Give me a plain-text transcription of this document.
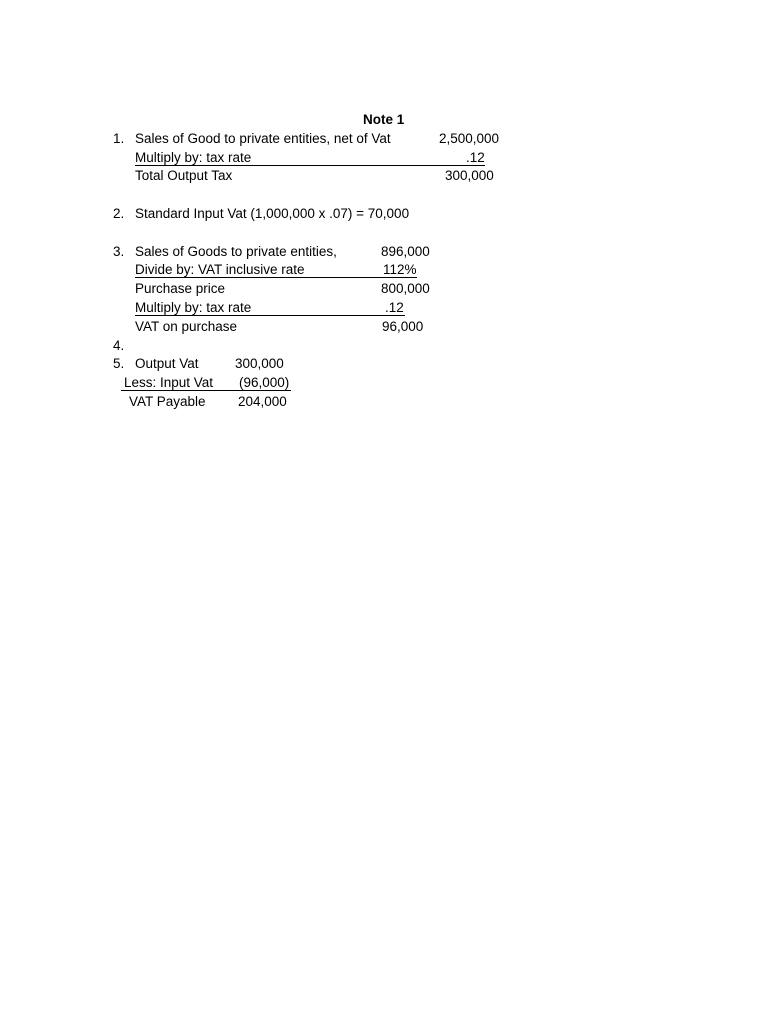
Note 1
1. Sales of Good to private entities, net of Vat	2,500,000
Multiply by: tax rate	.12
Total Output Tax	300,000
2. Standard Input Vat (1,000,000 x .07) = 70,000
3. Sales of Goods to private entities,	896,000
Divide by: VAT inclusive rate	112%
Purchase price	800,000
Multiply by: tax rate	.12
VAT on purchase	96,000
4.
5. Output Vat	300,000
Less: Input Vat (96,000)
VAT Payable 204,000
